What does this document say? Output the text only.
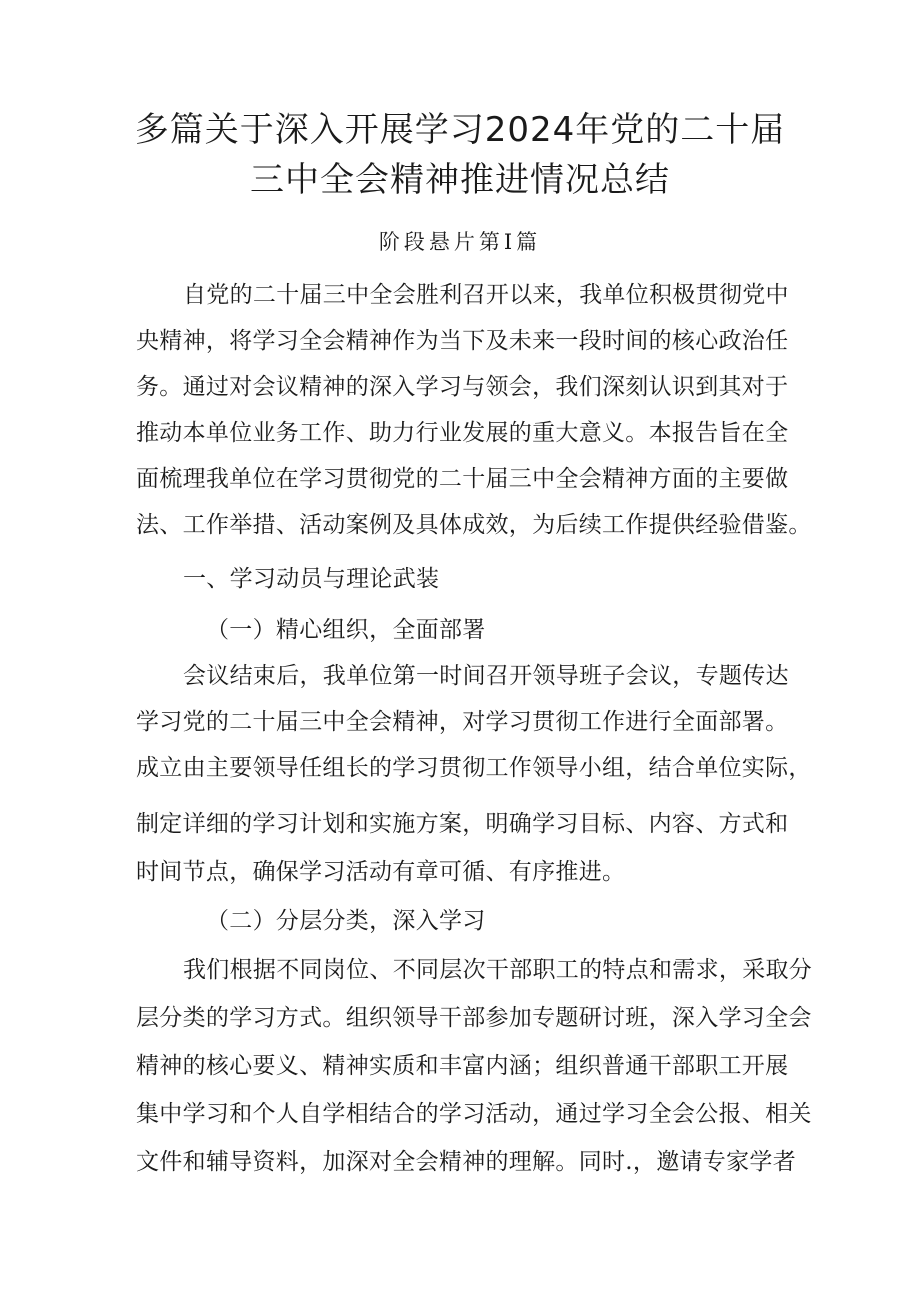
多篇关于深入开展学习2024年党的二十届
三中全会精神推进情况总结
阶段悬片第Ⅰ篇
自党的二十届三中全会胜利召开以来，我单位积极贯彻党中
央精神，将学习全会精神作为当下及未来一段时间的核心政治任
务。通过对会议精神的深入学习与领会，我们深刻认识到其对于
推动本单位业务工作、助力行业发展的重大意义。本报告旨在全
面梳理我单位在学习贯彻党的二十届三中全会精神方面的主要做
法、工作举措、活动案例及具体成效，为后续工作提供经验借鉴。
一、学习动员与理论武装
（一）精心组织，全面部署
会议结束后，我单位第一时间召开领导班子会议，专题传达
学习党的二十届三中全会精神，对学习贯彻工作进行全面部署。
成立由主要领导任组长的学习贯彻工作领导小组，结合单位实际，
制定详细的学习计划和实施方案，明确学习目标、内容、方式和
时间节点，确保学习活动有章可循、有序推进。
（二）分层分类，深入学习
我们根据不同岗位、不同层次干部职工的特点和需求，采取分
层分类的学习方式。组织领导干部参加专题研讨班，深入学习全会
精神的核心要义、精神实质和丰富内涵；组织普通干部职工开展
集中学习和个人自学相结合的学习活动，通过学习全会公报、相关
文件和辅导资料，加深对全会精神的理解。同时.，邀请专家学者
